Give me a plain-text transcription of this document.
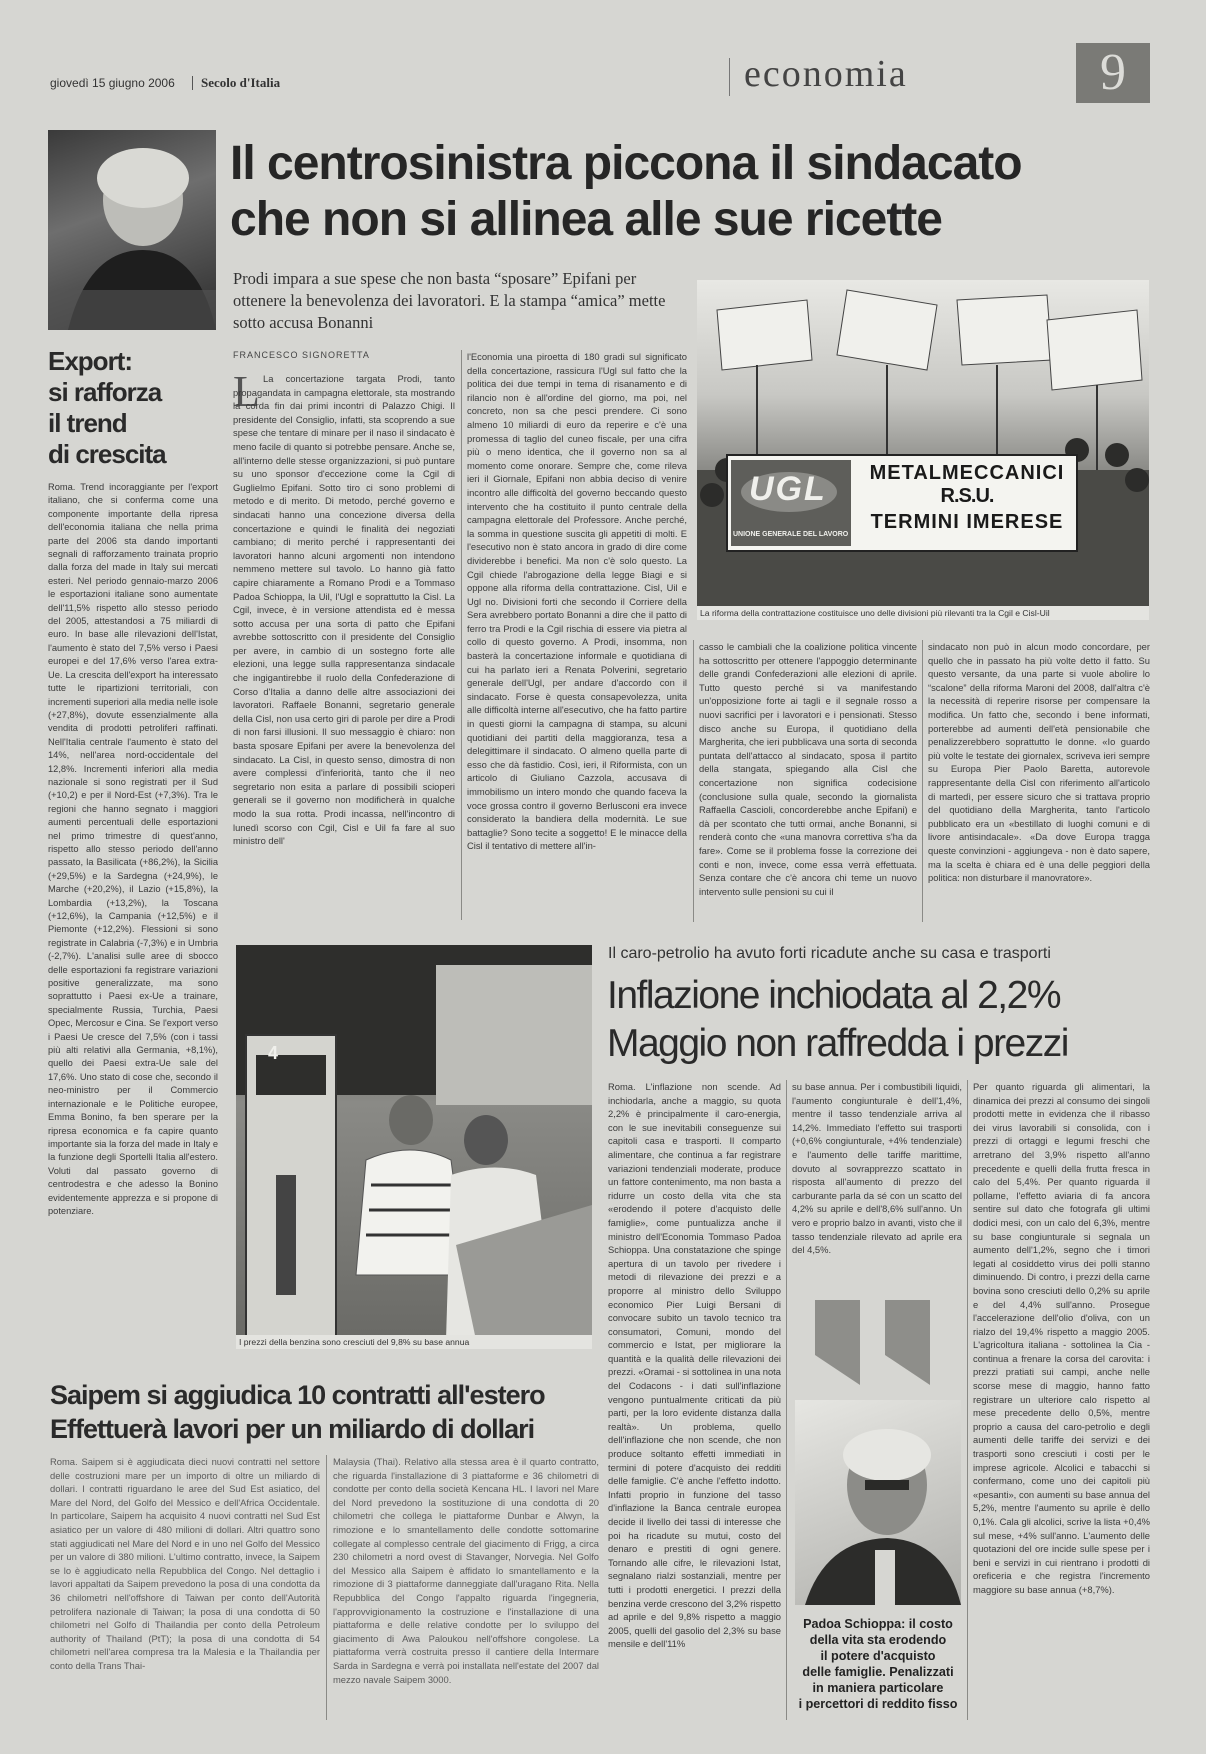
giovedì 15 giugno 2006 Secolo d'Italia	economia	9
Export:
si rafforza
il trend
di crescita

Roma. Trend incoraggiante per l'export italiano, che si conferma come una componente importante della ripresa dell'economia italiana che nella prima parte del 2006 sta dando importanti segnali di rafforzamento trainata proprio dalla forza del made in Italy sui mercati esteri. Nel periodo gennaio-marzo 2006 le esportazioni italiane sono aumentate dell'11,5% rispetto allo stesso periodo del 2005, attestandosi a 75 miliardi di euro. In base alle rilevazioni dell'Istat, l'aumento è stato del 7,5% verso i Paesi europei e del 17,6% verso l'area extra-Ue. La crescita dell'export ha interessato tutte le ripartizioni territoriali, con incrementi superiori alla media nelle isole (+27,8%), dovute essenzialmente alla vendita di prodotti petroliferi raffinati. Nell'Italia centrale l'aumento è stato del 14%, nell'area nord-occidentale del 12,8%. Incrementi inferiori alla media nazionale si sono registrati per il Sud (+10,2) e per il Nord-Est (+7,3%). Tra le regioni che hanno segnato i maggiori aumenti percentuali delle esportazioni nel primo trimestre di quest'anno, rispetto allo stesso periodo dell'anno passato, la Basilicata (+86,2%), la Sicilia (+29,5%) e la Sardegna (+24,9%), le Marche (+20,2%), il Lazio (+15,8%), la Lombardia (+13,2%), la Toscana (+12,6%), la Campania (+12,5%) e il Piemonte (+12,2%). Flessioni si sono registrate in Calabria (-7,3%) e in Umbria (-2,7%). L'analisi sulle aree di sbocco delle esportazioni fa registrare variazioni positive generalizzate, ma sono soprattutto i Paesi ex-Ue a trainare, specialmente Russia, Turchia, Paesi Opec, Mercosur e Cina. Se l'export verso i Paesi Ue cresce del 7,5% (con i tassi più alti relativi alla Germania, +8,1%), quello dei Paesi extra-Ue sale del 17,6%. Uno stato di cose che, secondo il neo-ministro per il Commercio internazionale e le Politiche europee, Emma Bonino, fa ben sperare per la ripresa economica e fa capire quanto importante sia la forza del made in Italy e la funzione degli Sportelli Italia all'estero. Voluti dal passato governo di centrodestra e che adesso la Bonino evidentemente apprezza e si propone di potenziare.

Il centrosinistra piccona il sindacato
che non si allinea alle sue ricette
Prodi impara a sue spese che non basta “sposare” Epifani per ottenere la benevolenza dei lavoratori. E la stampa “amica” mette sotto accusa Bonanni
FRANCESCO SIGNORETTA
L La concertazione targata Prodi, tanto propagandata in campagna elettorale, sta mostrando la corda fin dai primi incontri di Palazzo Chigi. Il presidente del Consiglio, infatti, sta scoprendo a sue spese che tentare di minare per il naso il sindacato è meno facile di quanto si potrebbe pensare. Anche se, all'interno delle stesse organizzazioni, si può puntare su uno sponsor d'eccezione come la Cgil di Guglielmo Epifani. Sotto tiro ci sono problemi di metodo e di merito. Di metodo, perché governo e sindacati hanno una concezione diversa della concertazione e quindi le finalità dei negoziati cambiano; di merito perché i rappresentanti dei lavoratori hanno alcuni argomenti non intendono nemmeno mettere sul tavolo. Lo hanno già fatto capire chiaramente a Romano Prodi e a Tommaso Padoa Schioppa, la Uil, l'Ugl e soprattutto la Cisl. La Cgil, invece, è in versione attendista ed è messa sotto accusa per una sorta di patto che Epifani avrebbe sottoscritto con il presidente del Consiglio per avere, in cambio di un sostegno forte alle elezioni, una legge sulla rappresentanza sindacale che ingigantirebbe il ruolo della Confederazione di Corso d'Italia a danno delle altre associazioni dei lavoratori. Raffaele Bonanni, segretario generale della Cisl, non usa certo giri di parole per dire a Prodi di non farsi illusioni. Il suo messaggio è chiaro: non basta sposare Epifani per avere la benevolenza del sindacato. La Cisl, in questo senso, dimostra di non avere complessi d'inferiorità, tanto che il neo segretario non esita a parlare di possibili scioperi generali se il governo non modificherà in qualche modo la sua rotta. Prodi incassa, nell'incontro di lunedì scorso con Cgil, Cisl e Uil fa fare al suo ministro dell'

l'Economia una piroetta di 180 gradi sul significato della concertazione, rassicura l'Ugl sul fatto che la politica dei due tempi in tema di risanamento e di rilancio non è all'ordine del giorno, ma poi, nel concreto, non sa che pesci prendere. Ci sono almeno 10 miliardi di euro da reperire e c'è una promessa di taglio del cuneo fiscale, per una cifra più o meno identica, che il governo non sa al momento come onorare. Sempre che, come rileva ieri il Giornale, Epifani non abbia deciso di venire incontro alle difficoltà del governo beccando questo intervento che ha costituito il punto centrale della campagna elettorale del Professore. Anche perché, la somma in questione suscita gli appetiti di molti. E l'esecutivo non è stato ancora in grado di dire come dividerebbe i benefici. Ma non c'è solo questo. La Cgil chiede l'abrogazione della legge Biagi e si oppone alla riforma della contrattazione. Cisl, Uil e Ugl no. Divisioni forti che secondo il Corriere della Sera avrebbero portato Bonanni a dire che il patto di ferro tra Prodi e la Cgil rischia di essere via pietra al collo di questo governo. A Prodi, insomma, non basterà la concertazione informale e quotidiana di cui ha parlato ieri a Renata Polverini, segretario generale dell'Ugl, per andare d'accordo con il sindacato. Forse è questa consapevolezza, unita alle difficoltà interne all'esecutivo, che ha fatto partire in questi giorni la campagna di stampa, su alcuni quotidiani dei partiti della maggioranza, tesa a delegittimare il sindacato. O almeno quella parte di esso che dà fastidio. Così, ieri, il Riformista, con un articolo di Giuliano Cazzola, accusava di immobilismo un intero mondo che quando faceva la voce grossa contro il governo Berlusconi era invece considerato la bandiera della modernità. Le sue battaglie? Sono tecite a soggetto! E le minacce della Cisl il tentativo di mettere all'in-

casso le cambiali che la coalizione politica vincente ha sottoscritto per ottenere l'appoggio determinante delle grandi Confederazioni alle elezioni di aprile. Tutto questo perché si va manifestando un'opposizione forte ai tagli e il segnale rosso a nuovi sacrifici per i lavoratori e i pensionati. Stesso disco anche su Europa, il quotidiano della Margherita, che ieri pubblicava una sorta di seconda puntata dell'attacco al sindacato, sposa il partito della stangata, spiegando alla Cisl che concertazione non significa codecisione (conclusione sulla quale, secondo la giornalista Raffaella Cascioli, concorderebbe anche Epifani) e dà per scontato che tutti ormai, anche Bonanni, si renderà conto che «una manovra correttiva s'ha da fare». Come se il problema fosse la correzione dei conti e non, invece, come essa verrà effettuata. Senza contare che c'è ancora chi teme un nuovo intervento sulle pensioni su cui il

sindacato non può in alcun modo concordare, per quello che in passato ha più volte detto il fatto. Su questo versante, da una parte si vuole abolire lo “scalone” della riforma Maroni del 2008, dall'altra c'è la necessità di reperire risorse per compensare la modifica. Un fatto che, secondo i bene informati, porterebbe ad aumenti dell'età pensionabile che penalizzerebbero soprattutto le donne. «Io guardo più volte le testate dei giornalex, scriveva ieri sempre su Europa Pier Paolo Baretta, autorevole rappresentante della Cisl con riferimento all'articolo di martedì, per essere sicuro che si trattava proprio del quotidiano della Margherita, tanto l'articolo pubblicato era un «bestillato di luoghi comuni e di livore antisindacale». «Da dove Europa tragga queste convinzioni - aggiungeva - non è dato sapere, ma la scelta è chiara ed è una delle peggiori della politica: non disturbare il manovratore».

UGL
UNIONE GENERALE DEL LAVORO
METALMECCANICI
R.S.U.
TERMINI IMERESE
La riforma della contrattazione costituisce uno delle divisioni più rilevanti tra la Cgil e Cisl-Uil
Il caro-petrolio ha avuto forti ricadute anche su casa e trasporti
Inflazione inchiodata al 2,2%
Maggio non raffredda i prezzi

Roma. L'inflazione non scende. Ad inchiodarla, anche a maggio, su quota 2,2% è principalmente il caro-energia, con le sue inevitabili conseguenze sui capitoli casa e trasporti. Il comparto alimentare, che continua a far registrare variazioni tendenziali moderate, produce un fattore contenimento, ma non basta a ridurre un costo della vita che sta «erodendo il potere d'acquisto delle famiglie», come puntualizza anche il ministro dell'Economia Tommaso Padoa Schioppa. Una constatazione che spinge apertura di un tavolo per rivedere i metodi di rilevazione dei prezzi e a proporre al ministro dello Sviluppo economico Pier Luigi Bersani di convocare subito un tavolo tecnico tra consumatori, Comuni, mondo del commercio e Istat, per migliorare la quantità e la qualità delle rilevazioni dei prezzi. «Oramai - si sottolinea in una nota del Codacons - i dati sull'inflazione vengono puntualmente criticati da più parti, per la loro evidente distanza dalla realtà». Un problema, quello dell'inflazione che non scende, che non produce soltanto effetti immediati in termini di potere d'acquisto dei redditi delle famiglie. C'è anche l'effetto indotto. Infatti proprio in funzione del tasso d'inflazione la Banca centrale europea decide il livello dei tassi di interesse che poi ha ricadute su mutui, costo del denaro e prestiti di ogni genere. Tornando alle cifre, le rilevazioni Istat, segnalano rialzi sostanziali, mentre per tutti i prodotti energetici. I prezzi della benzina verde crescono del 3,2% rispetto ad aprile e del 9,8% rispetto a maggio 2005, quelli del gasolio del 2,3% su base mensile e dell'11%

su base annua. Per i combustibili liquidi, l'aumento congiunturale è dell'1,4%, mentre il tasso tendenziale arriva al 14,2%. Immediato l'effetto sui trasporti (+0,6% congiunturale, +4% tendenziale) e l'aumento delle tariffe marittime, dovuto al sovrapprezzo scattato in risposta all'aumento di prezzo del carburante parla da sé con un scatto del 4,2% su aprile e dell'8,6% sull'anno. Un vero e proprio balzo in avanti, visto che il tasso tendenziale rilevato ad aprile era del 4,5%.

Per quanto riguarda gli alimentari, la dinamica dei prezzi al consumo dei singoli prodotti mette in evidenza che il ribasso dei virus lavorabili si consolida, con i prezzi di ortaggi e legumi freschi che arretrano del 3,9% rispetto all'anno precedente e quelli della frutta fresca in calo del 5,4%. Per quanto riguarda il pollame, l'effetto aviaria di fa ancora sentire sul dato che fotografa gli ultimi dodici mesi, con un calo del 6,3%, mentre su base congiunturale si segnala un aumento dell'1,2%, segno che i timori legati al cosiddetto virus dei polli stanno diminuendo. Di contro, i prezzi della carne bovina sono cresciuti dello 0,2% su aprile e del 4,4% sull'anno. Prosegue l'accelerazione dell'olio d'oliva, con un rialzo del 19,4% rispetto a maggio 2005. L'agricoltura italiana - sottolinea la Cia - continua a frenare la corsa del carovita: i prezzi pratiati sui campi, anche nelle scorse mese di maggio, hanno fatto registrare un ulteriore calo rispetto al mese precedente dello 0,5%, mentre proprio a causa del caro-petrolio e degli aumenti delle tariffe dei servizi e dei trasporti sono cresciuti i costi per le imprese agricole. Alcolici e tabacchi si confermano, come uno dei capitoli più «pesanti», con aumenti su base annua del 5,2%, mentre l'aumento su aprile è dello 0,1%. Cala gli alcolici, scrive la lista +0,4% sul mese, +4% sull'anno. L'aumento delle quotazioni del ore incide sulle spese per i beni e servizi in cui rientrano i prodotti di oreficeria e che registra l'incremento maggiore su base annua (+8,7%).

4
I prezzi della benzina sono cresciuti del 9,8% su base annua
Padoa Schioppa: il costo
della vita sta erodendo
il potere d'acquisto
delle famiglie. Penalizzati
in maniera particolare
i percettori di reddito fisso
Saipem si aggiudica 10 contratti all'estero
Effettuerà lavori per un miliardo di dollari

Roma. Saipem si è aggiudicata dieci nuovi contratti nel settore delle costruzioni mare per un importo di oltre un miliardo di dollari. I contratti riguardano le aree del Sud Est asiatico, del Mare del Nord, del Golfo del Messico e dell'Africa Occidentale. In particolare, Saipem ha acquisito 4 nuovi contratti nel Sud Est asiatico per un valore di 480 milioni di dollari. Altri quattro sono stati aggiudicati nel Mare del Nord e in uno nel Golfo del Messico per un valore di 380 milioni. L'ultimo contratto, invece, la Saipem se lo è aggiudicato nella Repubblica del Congo. Nel dettaglio i lavori appaltati da Saipem prevedono la posa di una condotta da 36 chilometri nell'offshore di Taiwan per conto dell'Autorità petrolifera nazionale di Taiwan; la posa di una condotta di 50 chilometri nel Golfo di Thailandia per conto della Petroleum authority of Thailand (PtT); la posa di una condotta di 54 chilometri nell'area compresa tra la Malesia e la Thailandia per conto della Trans Thai-

Malaysia (Thai). Relativo alla stessa area è il quarto contratto, che riguarda l'installazione di 3 piattaforme e 36 chilometri di condotte per conto della società Kencana HL. I lavori nel Mare del Nord prevedono la sostituzione di una condotta di 20 chilometri che collega le piattaforme Dunbar e Alwyn, la rimozione e lo smantellamento delle condotte sottomarine collegate al complesso centrale del giacimento di Frigg, a circa 230 chilometri a nord ovest di Stavanger, Norvegia. Nel Golfo del Messico alla Saipem è affidato lo smantellamento e la rimozione di 3 piattaforme danneggiate dall'uragano Rita. Nella Repubblica del Congo l'appalto riguarda l'ingegneria, l'approvvigionamento la costruzione e l'installazione di una piattaforma e delle relative condotte per lo sviluppo del giacimento di Awa Paloukou nell'offshore congolese. La piattaforma verrà costruita presso il cantiere della Intermare Sarda in Sardegna e verrà poi installata nell'estate del 2007 dal mezzo navale Saipem 3000.
